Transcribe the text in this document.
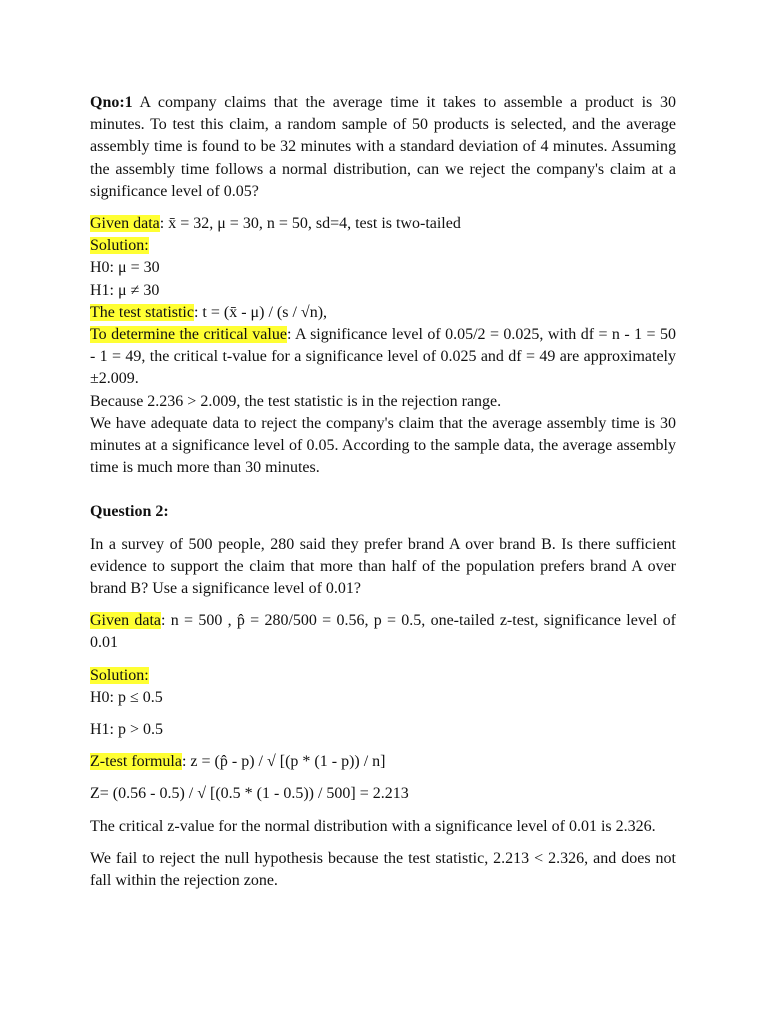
Qno:1 A company claims that the average time it takes to assemble a product is 30 minutes. To test this claim, a random sample of 50 products is selected, and the average assembly time is found to be 32 minutes with a standard deviation of 4 minutes. Assuming the assembly time follows a normal distribution, can we reject the company's claim at a significance level of 0.05?

Given data: x̄ = 32, μ = 30, n = 50, sd=4, test is two-tailed

Solution:

H0: μ = 30

H1: μ ≠ 30

The test statistic: t = (x̄ - μ) / (s / √n),

To determine the critical value: A significance level of 0.05/2 = 0.025, with df = n - 1 = 50 - 1 = 49, the critical t-value for a significance level of 0.025 and df = 49 are approximately ±2.009.

Because 2.236 > 2.009, the test statistic is in the rejection range.

We have adequate data to reject the company's claim that the average assembly time is 30 minutes at a significance level of 0.05. According to the sample data, the average assembly time is much more than 30 minutes.

Question 2:

In a survey of 500 people, 280 said they prefer brand A over brand B. Is there sufficient evidence to support the claim that more than half of the population prefers brand A over brand B? Use a significance level of 0.01?

Given data: n = 500 , p̂ = 280/500 = 0.56, p = 0.5, one-tailed z-test, significance level of 0.01

Solution:

H0: p ≤ 0.5

H1: p > 0.5

Z-test formula: z = (p̂ - p) / √ [(p * (1 - p)) / n]

Z= (0.56 - 0.5) / √ [(0.5 * (1 - 0.5)) / 500] = 2.213

The critical z-value for the normal distribution with a significance level of 0.01 is 2.326.

We fail to reject the null hypothesis because the test statistic, 2.213 < 2.326, and does not fall within the rejection zone.
